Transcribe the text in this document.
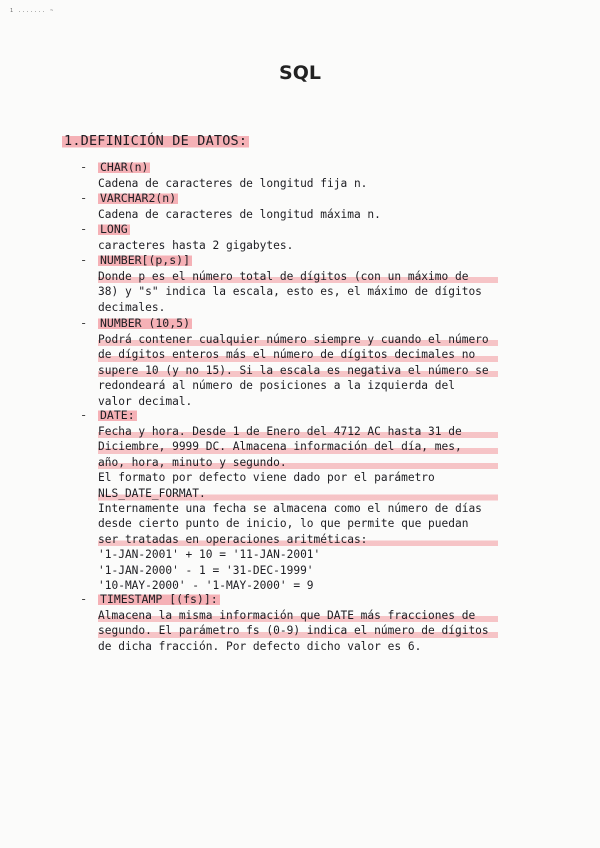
1 ....... ~
SQL
1.DEFINICIÓN DE DATOS:
- CHAR(n)
Cadena de caracteres de longitud fija n.
- VARCHAR2(n)
Cadena de caracteres de longitud máxima n.
- LONG
caracteres hasta 2 gigabytes.
- NUMBER[(p,s)]
Donde p es el número total de dígitos (con un máximo de
38) y "s" indica la escala, esto es, el máximo de dígitos
decimales.
- NUMBER (10,5)
Podrá contener cualquier número siempre y cuando el número
de dígitos enteros más el número de dígitos decimales no
supere 10 (y no 15). Si la escala es negativa el número se
redondeará al número de posiciones a la izquierda del
valor decimal.
- DATE:
Fecha y hora. Desde 1 de Enero del 4712 AC hasta 31 de
Diciembre, 9999 DC. Almacena información del día, mes,
año, hora, minuto y segundo.
El formato por defecto viene dado por el parámetro
NLS_DATE_FORMAT.
Internamente una fecha se almacena como el número de días
desde cierto punto de inicio, lo que permite que puedan
ser tratadas en operaciones aritméticas:
'1-JAN-2001' + 10 = '11-JAN-2001'
'1-JAN-2000' - 1 = '31-DEC-1999'
'10-MAY-2000' - '1-MAY-2000' = 9
- TIMESTAMP [(fs)]:
Almacena la misma información que DATE más fracciones de
segundo. El parámetro fs (0-9) indica el número de dígitos
de dicha fracción. Por defecto dicho valor es 6.
